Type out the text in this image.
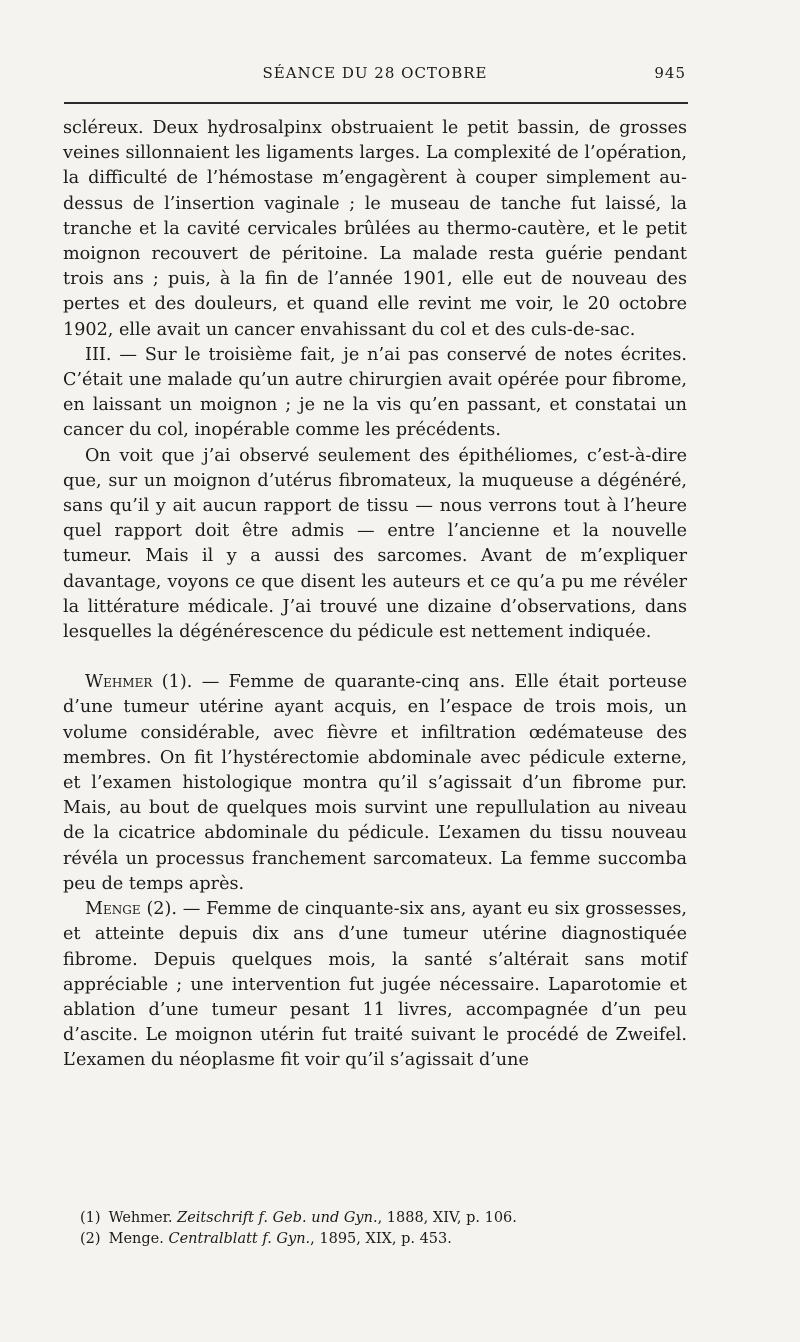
SÉANCE DU 28 OCTOBRE	945

scléreux. Deux hydrosalpinx obstruaient le petit bassin, de grosses veines sillonnaient les ligaments larges. La complexité de l’opération, la difficulté de l’hémostase m’engagèrent à couper simplement au-dessus de l’insertion vaginale ; le museau de tanche fut laissé, la tranche et la cavité cervicales brûlées au thermo-cautère, et le petit moignon recouvert de péritoine. La malade resta guérie pendant trois ans ; puis, à la fin de l’année 1901, elle eut de nouveau des pertes et des douleurs, et quand elle revint me voir, le 20 octobre 1902, elle avait un cancer envahissant du col et des culs-de-sac.

III. — Sur le troisième fait, je n’ai pas conservé de notes écrites. C’était une malade qu’un autre chirurgien avait opérée pour fibrome, en laissant un moignon ; je ne la vis qu’en passant, et constatai un cancer du col, inopérable comme les précédents.

On voit que j’ai observé seulement des épithéliomes, c’est-à-dire que, sur un moignon d’utérus fibromateux, la muqueuse a dégénéré, sans qu’il y ait aucun rapport de tissu — nous verrons tout à l’heure quel rapport doit être admis — entre l’ancienne et la nouvelle tumeur. Mais il y a aussi des sarcomes. Avant de m’expliquer davantage, voyons ce que disent les auteurs et ce qu’a pu me révéler la littérature médicale. J’ai trouvé une dizaine d’observations, dans lesquelles la dégénérescence du pédicule est nettement indiquée.

Wehmer (1). — Femme de quarante-cinq ans. Elle était porteuse d’une tumeur utérine ayant acquis, en l’espace de trois mois, un volume considérable, avec fièvre et infiltration œdémateuse des membres. On fit l’hystérectomie abdominale avec pédicule externe, et l’examen histologique montra qu’il s’agissait d’un fibrome pur. Mais, au bout de quelques mois survint une repullulation au niveau de la cicatrice abdominale du pédicule. L’examen du tissu nouveau révéla un processus franchement sarcomateux. La femme succomba peu de temps après.

Menge (2). — Femme de cinquante-six ans, ayant eu six grossesses, et atteinte depuis dix ans d’une tumeur utérine diagnostiquée fibrome. Depuis quelques mois, la santé s’altérait sans motif appréciable ; une intervention fut jugée nécessaire. Laparotomie et ablation d’une tumeur pesant 11 livres, accompagnée d’un peu d’ascite. Le moignon utérin fut traité suivant le procédé de Zweifel. L’examen du néoplasme fit voir qu’il s’agissait d’une

(1) Wehmer. Zeitschrift f. Geb. und Gyn., 1888, XIV, p. 106.
(2) Menge. Centralblatt f. Gyn., 1895, XIX, p. 453.
